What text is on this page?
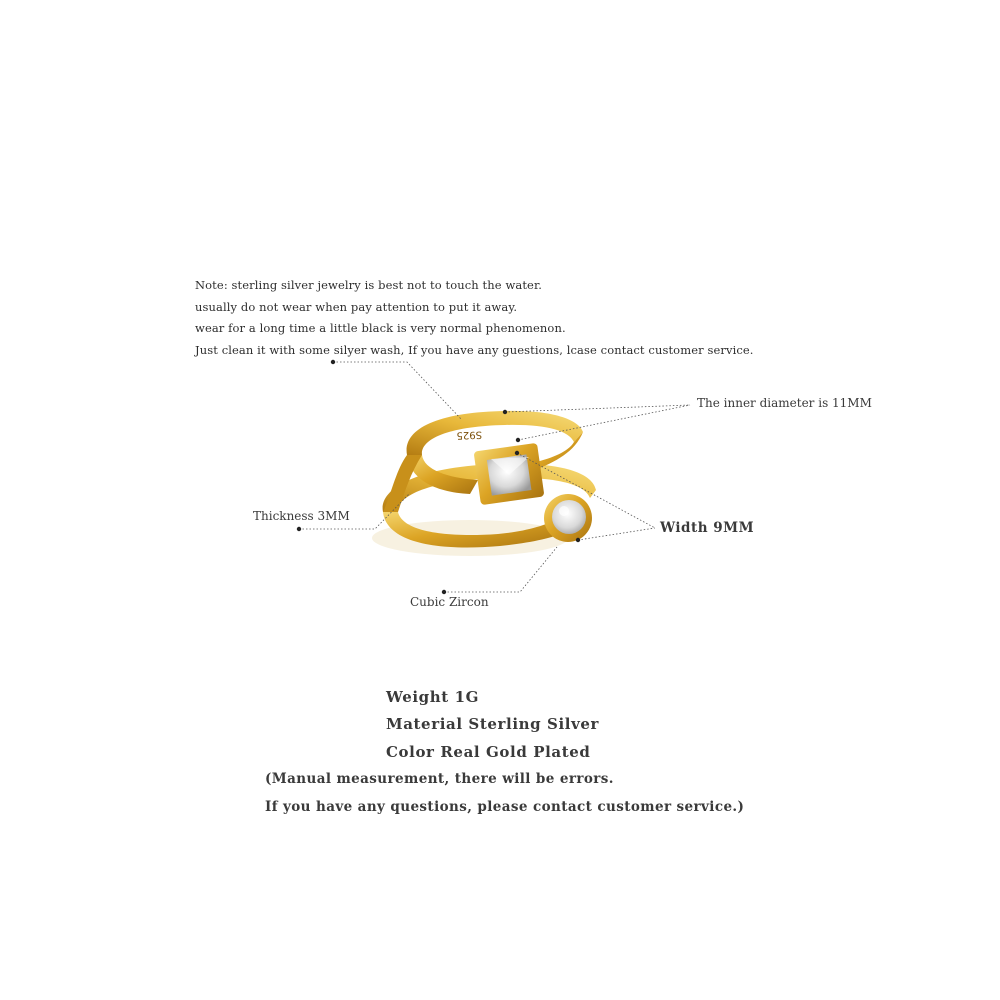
Note: sterling silver jewelry is best not to touch the water.
usually do not wear when pay attention to put it away.
wear for a long time a little black is very normal phenomenon.
Just clean it with some silyer wash, If you have any guestions, lcase contact customer service.
S925
The inner diameter is 11MM
Width 9MM
Thickness 3MM
Cubic Zircon
Weight 1G
Material Sterling Silver
Color Real Gold Plated
(Manual measurement, there will be errors.
If you have any questions, please contact customer service.)
